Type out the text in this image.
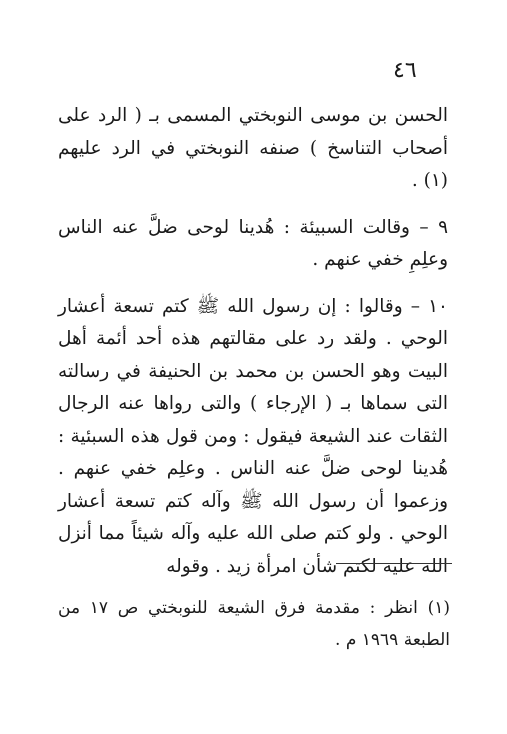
٤٦

الحسن بن موسى النوبختي المسمى بـ ( الرد على أصحاب التناسخ ) صنفه النوبختي في الرد عليهم (١) .

٩ – وقالت السبيئة : هُدينا لوحى ضلَّ عنه الناس وعلِمِ خفي عنهم .

١٠ – وقالوا : إن رسول الله ﷺ كتم تسعة أعشار الوحي . ولقد رد على مقالتهم هذه أحد أئمة أهل البيت وهو الحسن بن محمد بن الحنيفة في رسالته التى سماها بـ ( الإرجاء ) والتى رواها عنه الرجال الثقات عند الشيعة فيقول : ومن قول هذه السبئية : هُدينا لوحى ضلَّ عنه الناس . وعلِم خفي عنهم . وزعموا أن رسول الله ﷺ وآله كتم تسعة أعشار الوحي . ولو كتم صلى الله عليه وآله شيئاً مما أنزل الله عليه لكتم شأن امرأة زيد . وقوله

(١) انظر : مقدمة فرق الشيعة للنوبختي ص ١٧ من الطبعة ١٩٦٩ م .
